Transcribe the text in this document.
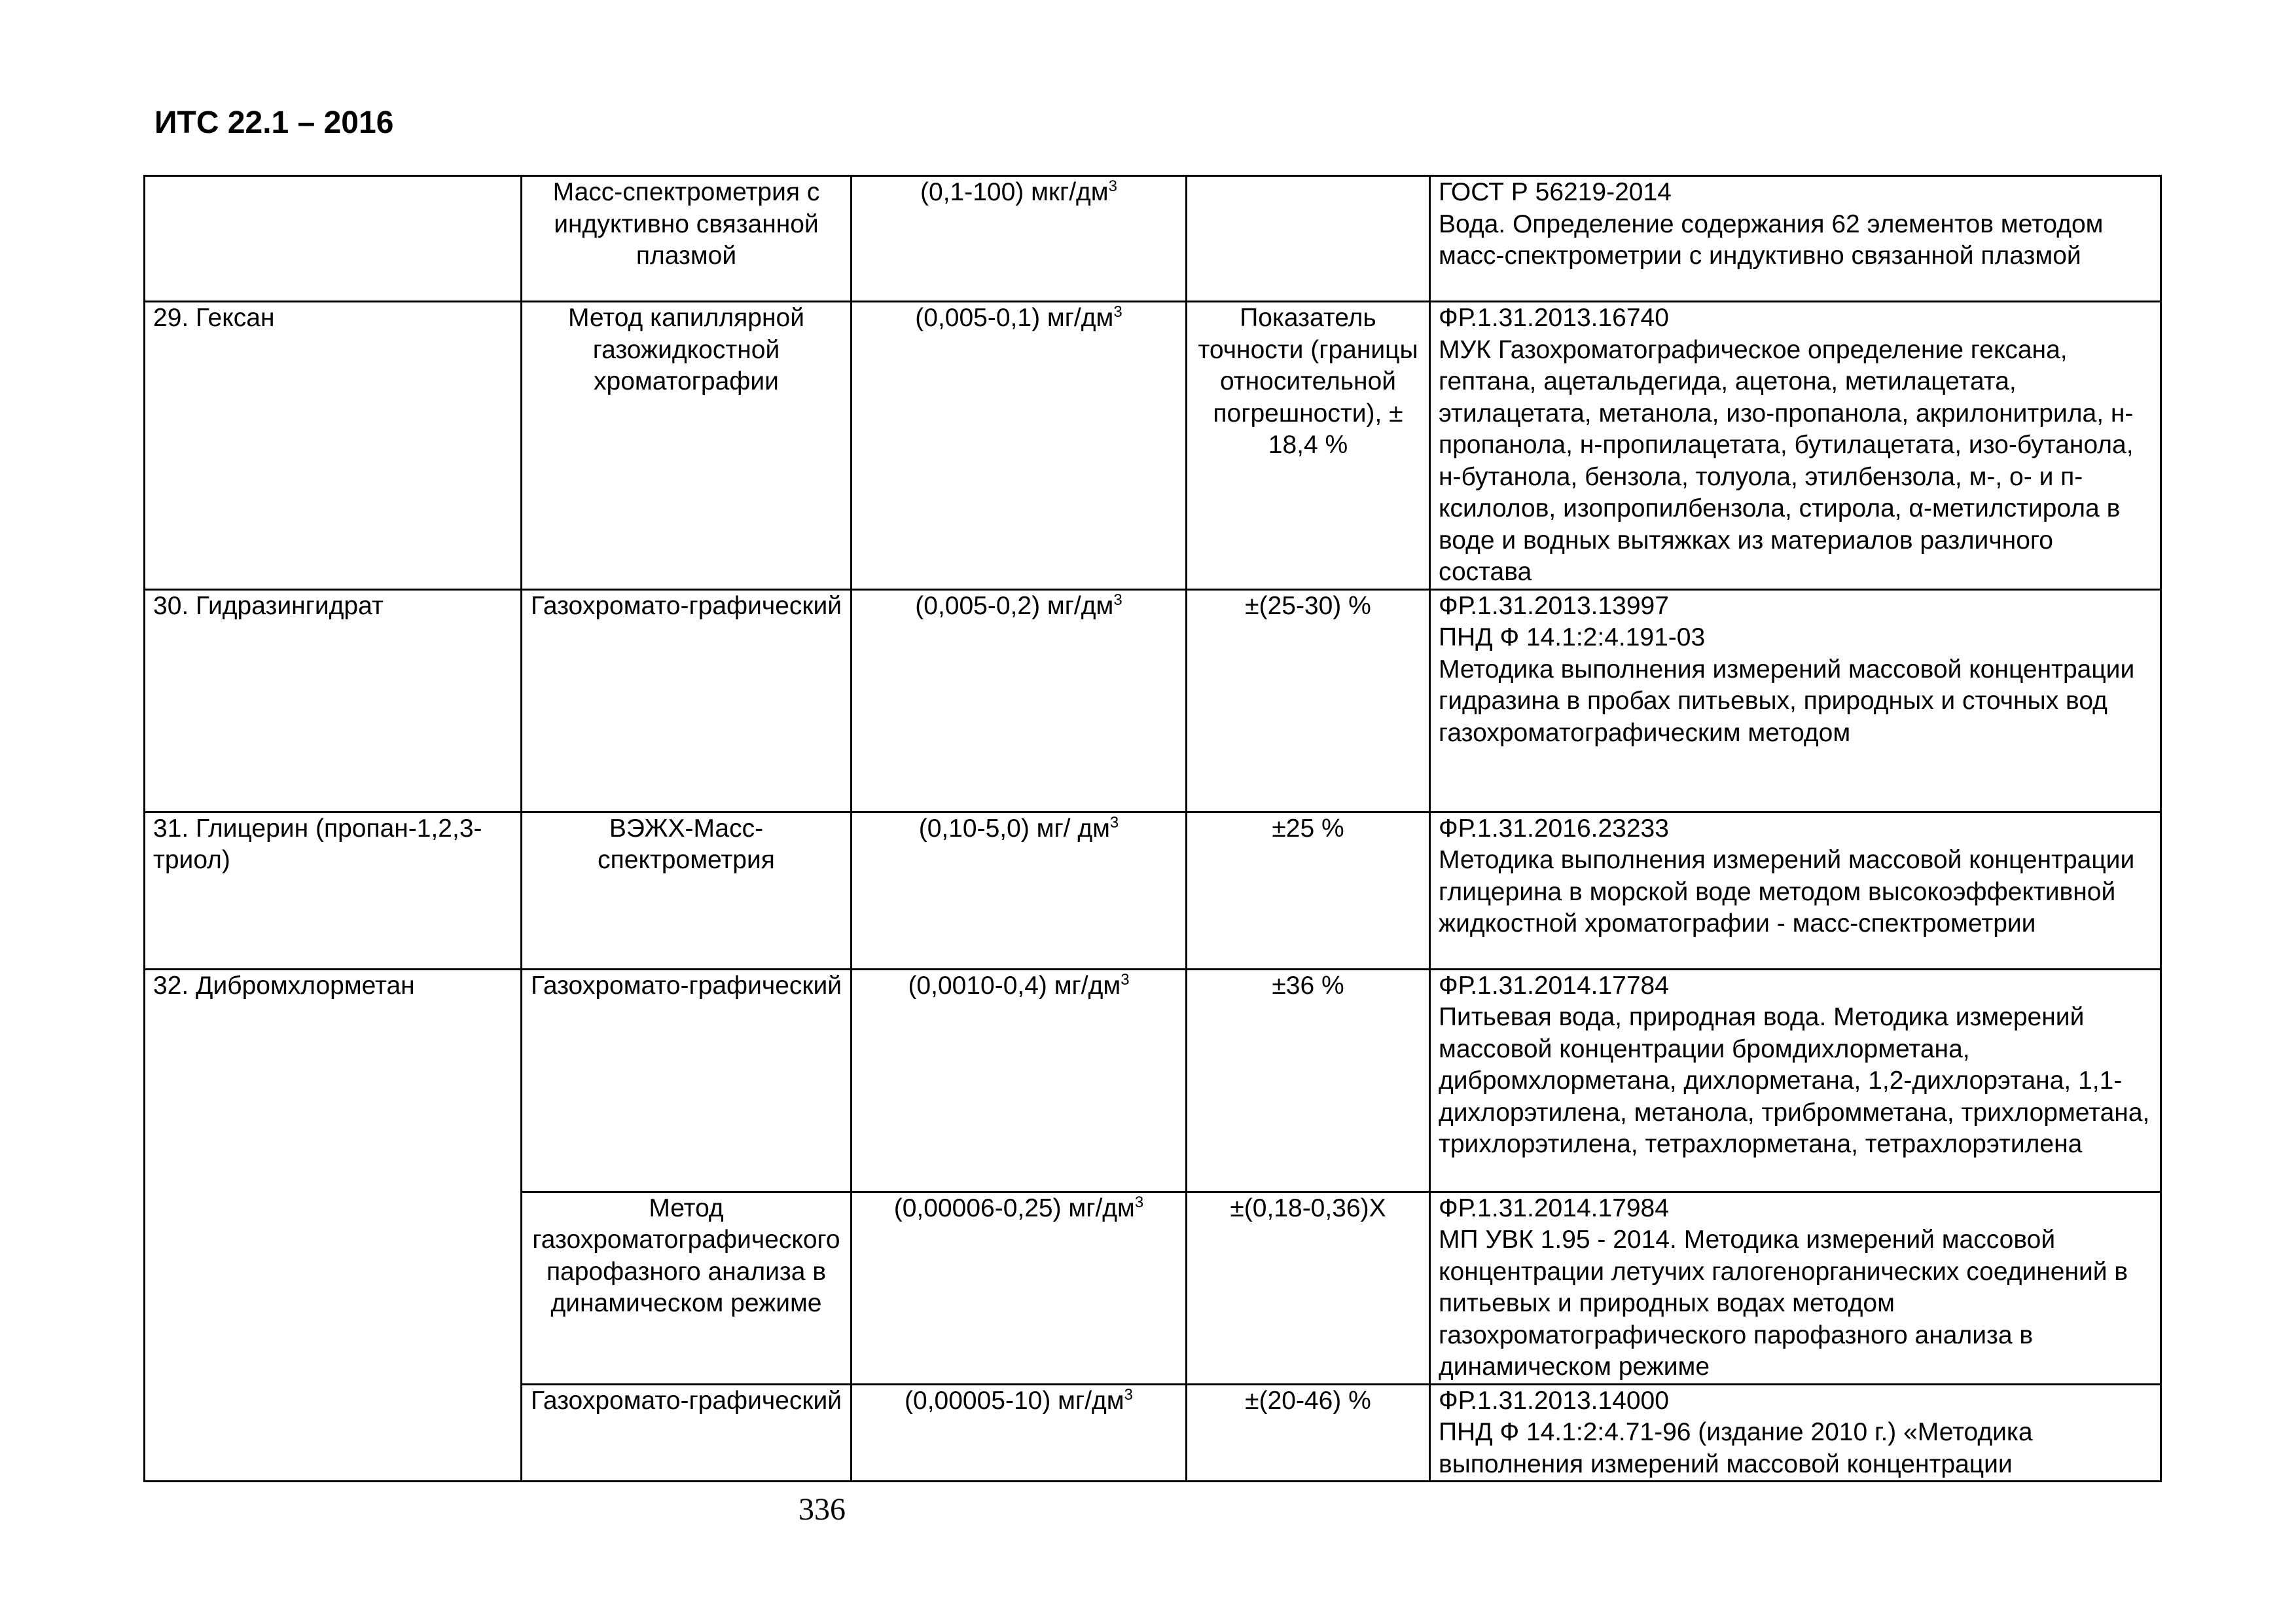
ИТС 22.1 – 2016
	Масс-спектрометрия с индуктивно связанной плазмой	(0,1-100) мкг/$дм^3$		ГОСТ Р 56219-2014
Вода. Определение содержания 62 элементов методом масс-спектрометрии с индуктивно связанной плазмой

29. Гексан	Метод капиллярной газожидкостной хроматографии	(0,005-0,1) $мг/дм^3$	Показатель точности (границы относительной погрешности), ± 18,4 %	ФР.1.31.2013.16740
МУК Газохроматографическое определение гексана, гептана, ацетальдегида, ацетона, метилацетата, этилацетата, метанола, изо-пропанола, акрилонитрила, н-пропанола, н-пропилацетата, бутилацетата, изо-бутанола, н-бутанола, бензола, толуола, этилбензола, м-, о- и п-ксилолов, изопропилбензола, стирола, α-метилстирола в воде и водных вытяжках из материалов различного состава

30. Гидразингидрат	Газохромато-графический	(0,005-0,2) $мг/дм^3$	±(25-30) %	ФР.1.31.2013.13997
ПНД Ф 14.1:2:4.191-03
Методика выполнения измерений массовой концентрации гидразина в пробах питьевых, природных и сточных вод газохроматографическим методом

31. Глицерин (пропан-1,2,3-триол)	ВЭЖХ-Масс-спектрометрия	(0,10-5,0) мг/ $дм^3$	±25 %	ФР.1.31.2016.23233
Методика выполнения измерений массовой концентрации глицерина в морской воде методом высокоэффективной жидкостной хроматографии - масс-спектрометрии

32. Дибромхлорметан	Газохромато-графический	(0,0010-0,4) $мг/дм^3$	±36 %	ФР.1.31.2014.17784
Питьевая вода, природная вода. Методика измерений массовой концентрации бромдихлорметана, дибромхлорметана, дихлорметана, 1,2-дихлорэтана, 1,1-дихлорэтилена, метанола, трибромметана, трихлорметана, трихлорэтилена, тетрахлорметана, тетрахлорэтилена

	Метод газохроматографического парофазного анализа в динамическом режиме	(0,00006-0,25) $мг/дм^3$	±(0,18-0,36)X	ФР.1.31.2014.17984
МП УВК 1.95 - 2014. Методика измерений массовой концентрации летучих галогенорганических соединений в питьевых и природных водах методом газохроматографического парофазного анализа в динамическом режиме

	Газохромато-графический	(0,00005-10) $мг/дм^3$	±(20-46) %	ФР.1.31.2013.14000
ПНД Ф 14.1:2:4.71-96 (издание 2010 г.) «Методика выполнения измерений массовой концентрации
336
